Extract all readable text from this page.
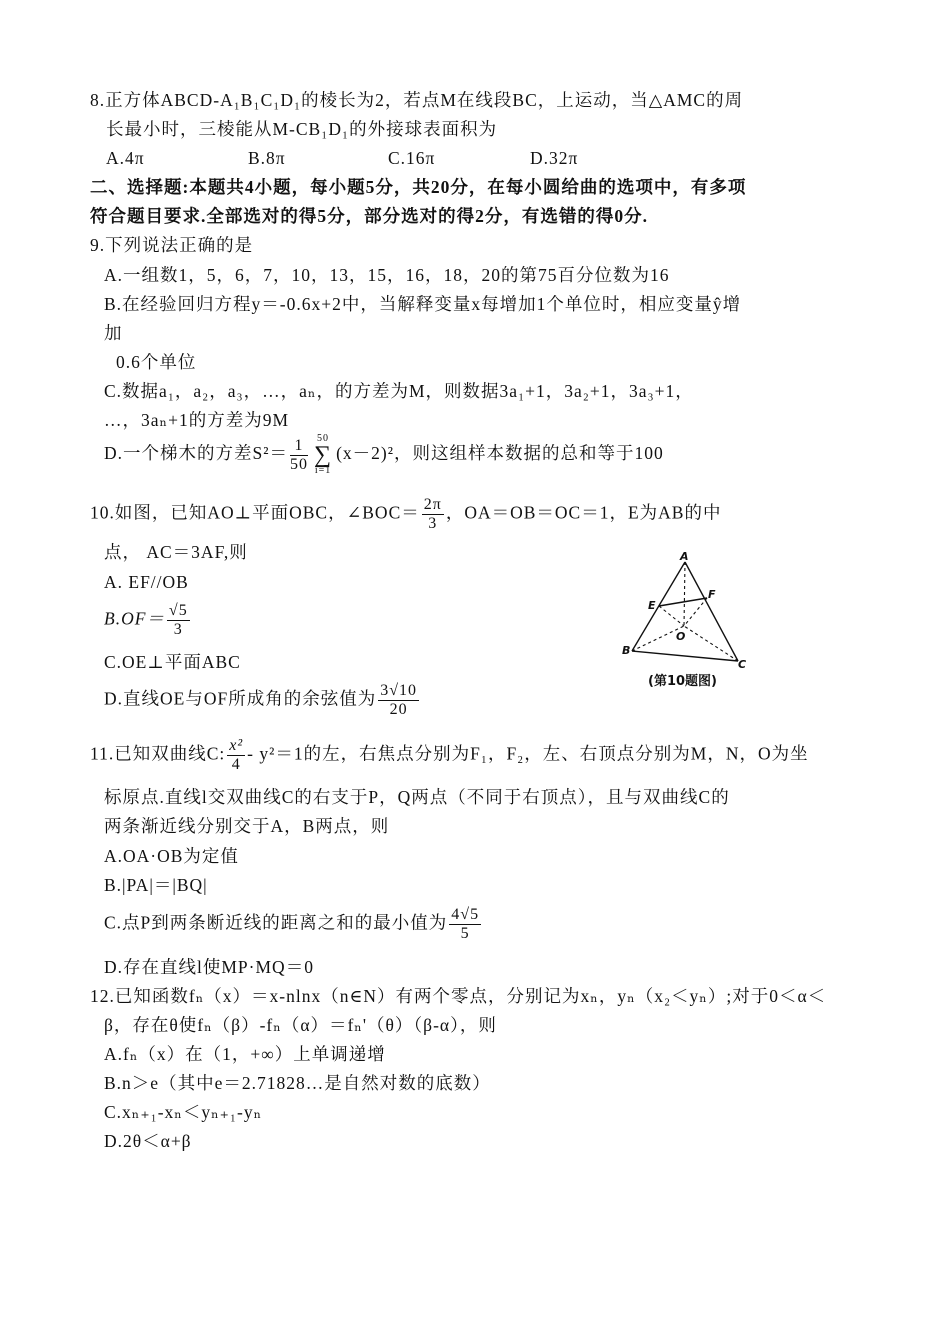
8.正方体ABCD-A₁B₁C₁D₁的棱长为2，若点M在线段BC，上运动，当△AMC的周
长最小时，三棱能从M-CB₁D₁的外接球表面积为
A.4π	B.8π	C.16π	D.32π
二、选择题:本题共4小题，每小题5分，共20分，在每小圆给曲的选项中，有多项
符合题目要求.全部选对的得5分，部分选对的得2分，有选错的得0分.
9.下列说法正确的是
A.一组数1，5，6，7，10，13，15，16，18，20的第75百分位数为16
B.在经验回归方程y＝-0.6x+2中，当解释变量x每增加1个单位时，相应变量ŷ增
加
0.6个单位
C.数据a₁，a₂，a₃，…，aₙ，的方差为M，则数据3a₁+1，3a₂+1，3a₃+1，
…，3aₙ+1的方差为9M
D.一个梯木的方差$S^2= \frac{1}{50} 50$
∑
i=1
(x－2)²，则这组样本数据的总和等于100
10.如图，已知AO⊥平面OBC，∠BOC＝ $\frac{2\pi}{3}$ ，OA＝OB＝OC＝1，E为AB的中
点， AC＝3AF,则
A. EF//OB
$B.OF= \frac{√5}{3}$
C.OE⊥平面ABC
D.直线OE与OF所成角的余弦值为 $\frac{3√10}{20}$
A
E
F
O
B
C
(第10题图)
11.已知双曲线C: $\frac{\text{x²}}{4} - y^2=1$的左，右焦点分别为F₁，F₂，左、右顶点分别为M，N，O为坐
标原点.直线l交双曲线C的右支于P，Q两点（不同于右顶点），且与双曲线C的
两条渐近线分别交于A，B两点，则
A.OA·OB为定值
B.|PA|＝|BQ|
C.点P到两条断近线的距离之和的最小值为 $\frac{4√5}{5}$
D.存在直线l使MP·MQ＝0
12.已知函数fₙ（x）＝x-nlnx（n∈N）有两个零点，分别记为xₙ，yₙ（x₂＜yₙ）;对于0＜α＜
β，存在θ使fₙ（β）-fₙ（α）＝fₙ'（θ）（β-α），则
A.fₙ（x）在（1，+∞）上单调递增
B.n＞e（其中e＝2.71828…是自然对数的底数）
C.xₙ₊₁-xₙ＜yₙ₊₁-yₙ
D.2θ＜α+β
